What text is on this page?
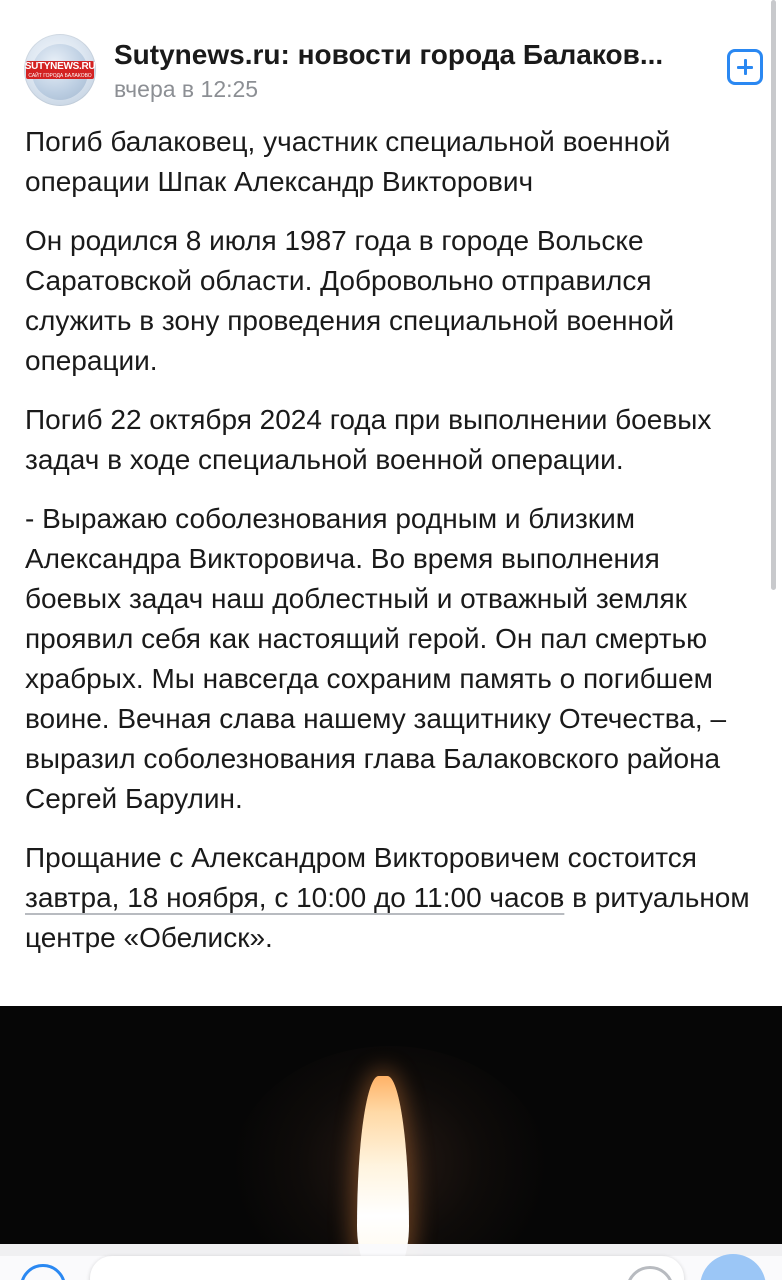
SUTYNEWS.RU
САЙТ ГОРОДА БАЛАКОВО
Sutynews.ru: новости города Балаков...
вчера в 12:25

Погиб балаковец, участник специальной военной операции Шпак Александр Викторович

Он родился 8 июля 1987 года в городе Вольске Саратовской области. Добровольно отправился служить в зону проведения специальной военной операции.

Погиб 22 октября 2024 года при выполнении боевых задач в ходе специальной военной операции.

- Выражаю соболезнования родным и близким Александра Викторовича. Во время выполнения боевых задач наш доблестный и отважный земляк проявил себя как настоящий герой. Он пал смертью храбрых. Мы навсегда сохраним память о погибшем воине. Вечная слава нашему защитнику Отечества, – выразил соболезнования глава Балаковского района Сергей Барулин.

Прощание с Александром Викторовичем состоится завтра, 18 ноября, с 10:00 до 11:00 часов в ритуальном центре «Обелиск».
